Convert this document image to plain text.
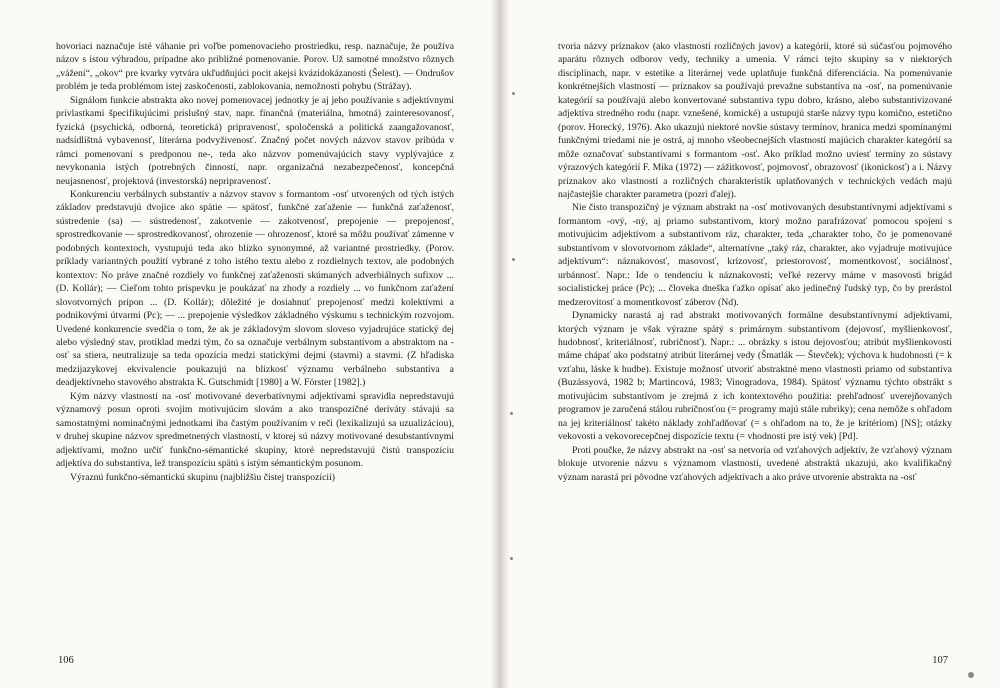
hovoriaci naznačuje isté váhanie pri voľbe pomenovacieho prostriedku, resp. naznačuje, že používa názov s istou výhradou, prípadne ako približné pomenovanie. Porov. Už samotné množstvo rôznych „vážení“, „okov“ pre kvarky vytvára ukľudňujúci pocit akejsi kvázidokázanosti (Šelest). — Ondrušov problém je teda problémom istej zaskočenosti, zablokovania, nemožnosti pohybu (Strážay).

Signálom funkcie abstrakta ako novej pomenovacej jednotky je aj jeho používanie s adjektívnymi prívlastkami špecifikujúcimi príslušný stav, napr. finančná (materiálna, hmotná) zainteresovanosť, fyzická (psychická, odborná, teoretická) pripravenosť, spoločenská a politická zaangažovanosť, nadsídlištná vybavenosť, literárna podvyživenosť. Značný počet nových názvov stavov pribúda v rámci pomenovaní s predponou ne-, teda ako názvov pomenúvajúcich stavy vyplývajúce z nevykonania istých (potrebných činností, napr. organizačná nezabezpečenosť, koncepčná neujasnenosť, projektová (investorská) nepripravenosť.

Konkurenciu verbálnych substantív a názvov stavov s formantom -osť utvorených od tých istých základov predstavujú dvojice ako spätie — spätosť, funkčné zaťaženie — funkčná zaťaženosť, sústredenie (sa) — sústredenosť, zakotvenie — zakotvenosť, prepojenie — prepojenosť, sprostredkovanie — sprostredkovanosť, ohrozenie — ohrozenosť, ktoré sa môžu používať zámenne v podobných kontextoch, vystupujú teda ako blízko synonymné, až variantné prostriedky. (Porov. príklady variantných použití vybrané z toho istého textu alebo z rozdielnych textov, ale podobných kontextov: No práve značné rozdiely vo funkčnej zaťaženosti skúmaných adverbiálnych sufixov ... (D. Kollár); — Cieľom tohto príspevku je poukázať na zhody a rozdiely ... vo funkčnom zaťažení slovotvorných prípon ... (D. Kollár); dôležité je dosiahnuť prepojenosť medzi kolektívmi a podnikovými útvarmi (Pc); — ... prepojenie výsledkov základného výskumu s technickým rozvojom. Uvedené konkurencie svedčia o tom, že ak je základovým slovom sloveso vyjadrujúce statický dej alebo výsledný stav, protiklad medzi tým, čo sa označuje verbálnym substantívom a abstraktom na -osť sa stiera, neutralizuje sa teda opozícia medzi statickými dejmi (stavmi) a stavmi. (Z hľadiska medzijazykovej ekvivalencie poukazujú na blízkosť významu verbálneho substantíva a deadjektívneho stavového abstrakta K. Gutschmidt [1980] a W. Förster [1982].)

Kým názvy vlastností na -osť motivované deverbatívnymi adjektívami spravidla nepredstavujú významový posun oproti svojim motivujúcim slovám a ako transpozičné deriváty stávajú sa samostatnými nominačnými jednotkami iba častým používaním v reči (lexikalizujú sa uzualizáciou), v druhej skupine názvov spredmetnených vlastností, v ktorej sú názvy motivované desubstantívnymi adjektívami, možno určiť funkčno-sémantické skupiny, ktoré nepredstavujú čistú transpozíciu adjektíva do substantíva, lež transpozíciu spätú s istým sémantickým posunom.

Výraznú funkčno-sémantickú skupinu (najbližšiu čistej transpozícii)

106

tvoria názvy príznakov (ako vlastností rozličných javov) a kategórií, ktoré sú súčasťou pojmového aparátu rôznych odborov vedy, techniky a umenia. V rámci tejto skupiny sa v niektorých disciplínach, napr. v estetike a literárnej vede uplatňuje funkčná diferenciácia. Na pomenúvanie konkrétnejších vlastností — príznakov sa používajú prevažne substantíva na -osť, na pomenúvanie kategórií sa používajú alebo konvertované substantíva typu dobro, krásno, alebo substantivizované adjektíva stredného rodu (napr. vznešené, komické) a ustupujú starše názvy typu komično, estetično (porov. Horecký, 1976). Ako ukazujú niektoré novšie sústavy termínov, hranica medzi spomínanými funkčnými triedami nie je ostrá, aj mnoho všeobecnejších vlastností majúcich charakter kategórií sa môže označovať substantívami s formantom -osť. Ako príklad možno uviesť termíny zo sústavy výrazových kategórií F. Mika (1972) — zážitkovosť, pojmovosť, obrazovosť (ikonickosť) a i. Názvy príznakov ako vlastností a rozličných charakteristík uplatňovaných v technických vedách majú najčastejšie charakter parametra (pozri ďalej).

Nie čisto transpozičný je význam abstrakt na -osť motivovaných desubstantívnymi adjektívami s formantom -ový, -ný, aj priamo substantívom, ktorý možno parafrázovať pomocou spojení s motivujúcim adjektívom a substantívom ráz, charakter, teda „charakter toho, čo je pomenované substantívom v slovotvornom základe“, alternatívne „taký ráz, charakter, ako vyjadruje motivujúce adjektívum“: náznakovosť, masovosť, krízovosť, priestorovosť, momentkovosť, sociálnosť, urbánnosť. Napr.: Ide o tendenciu k náznakovosti; veľké rezervy máme v masovosti brigád socialistickej práce (Pc); ... človeka dneška ťažko opísať ako jedinečný ľudský typ, čo by prerástol medzerovitosť a momentkovosť záberov (Nd).

Dynamicky narastá aj rad abstrakt motivovaných formálne desubstantívnymi adjektívami, ktorých význam je však výrazne spätý s primárnym substantívom (dejovosť, myšlienkovosť, hudobnosť, kriteriálnosť, rubričnosť). Napr.: ... obrázky s istou dejovosťou; atribút myšlienkovosti máme chápať ako podstatný atribút literárnej vedy (Šmatlák — Števček); výchova k hudobnosti (= k vzťahu, láske k hudbe). Existuje možnosť utvoriť abstraktné meno vlastnosti priamo od substantíva (Buzássyová, 1982 b; Martincová, 1983; Vinogradova, 1984). Spätosť významu týchto obstrákt s motivujúcim substantívom je zrejmá z ich kontextového použitia: prehľadnosť uverejňovaných programov je zaručená stálou rubričnosťou (= programy majú stále rubriky); cena nemôže s ohľadom na jej kriteriálnosť takéto náklady zohľadňovať (= s ohľadom na to, že je kritériom) [NS]; otázky vekovosti a vekovorecepčnej dispozície textu (= vhodnosti pre istý vek) [Pd].

Proti poučke, že názvy abstrakt na -osť sa netvoria od vzťahových adjektív, že vzťahový význam blokuje utvorenie názvu s významom vlastnosti, uvedené abstraktá ukazujú, ako kvalifikačný význam narastá pri pôvodne vzťahových adjektívach a ako práve utvorenie abstrakta na -osť

107
